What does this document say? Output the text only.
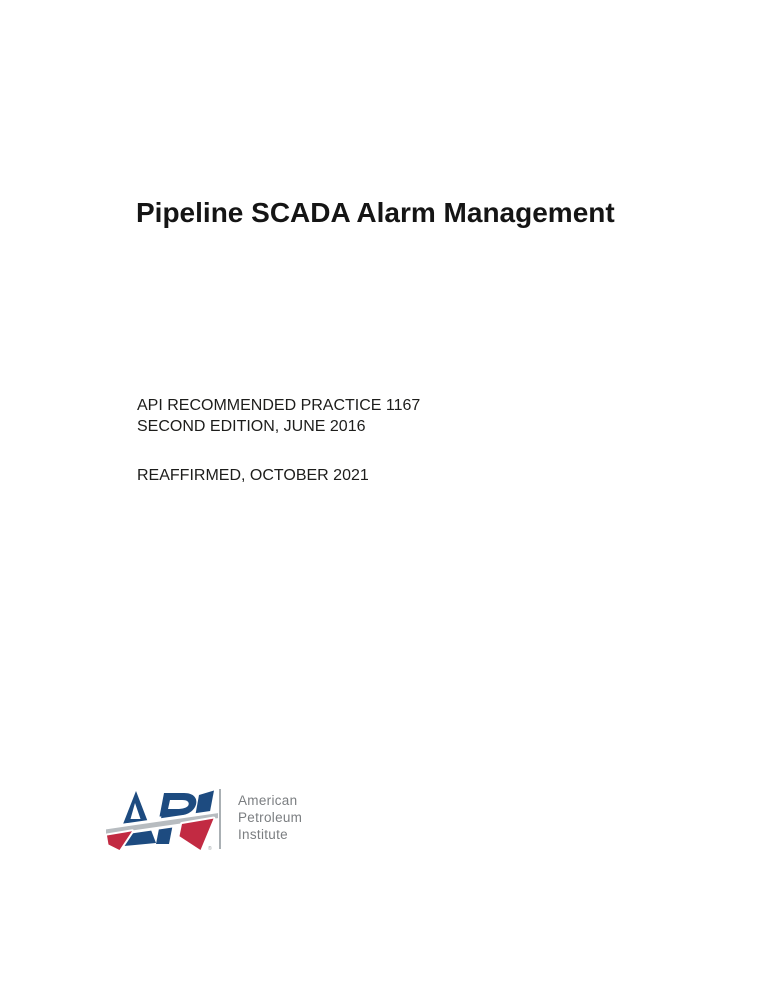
Pipeline SCADA Alarm Management
API RECOMMENDED PRACTICE 1167
SECOND EDITION, JUNE 2016
REAFFIRMED, OCTOBER 2021
®
American
Petroleum
Institute
